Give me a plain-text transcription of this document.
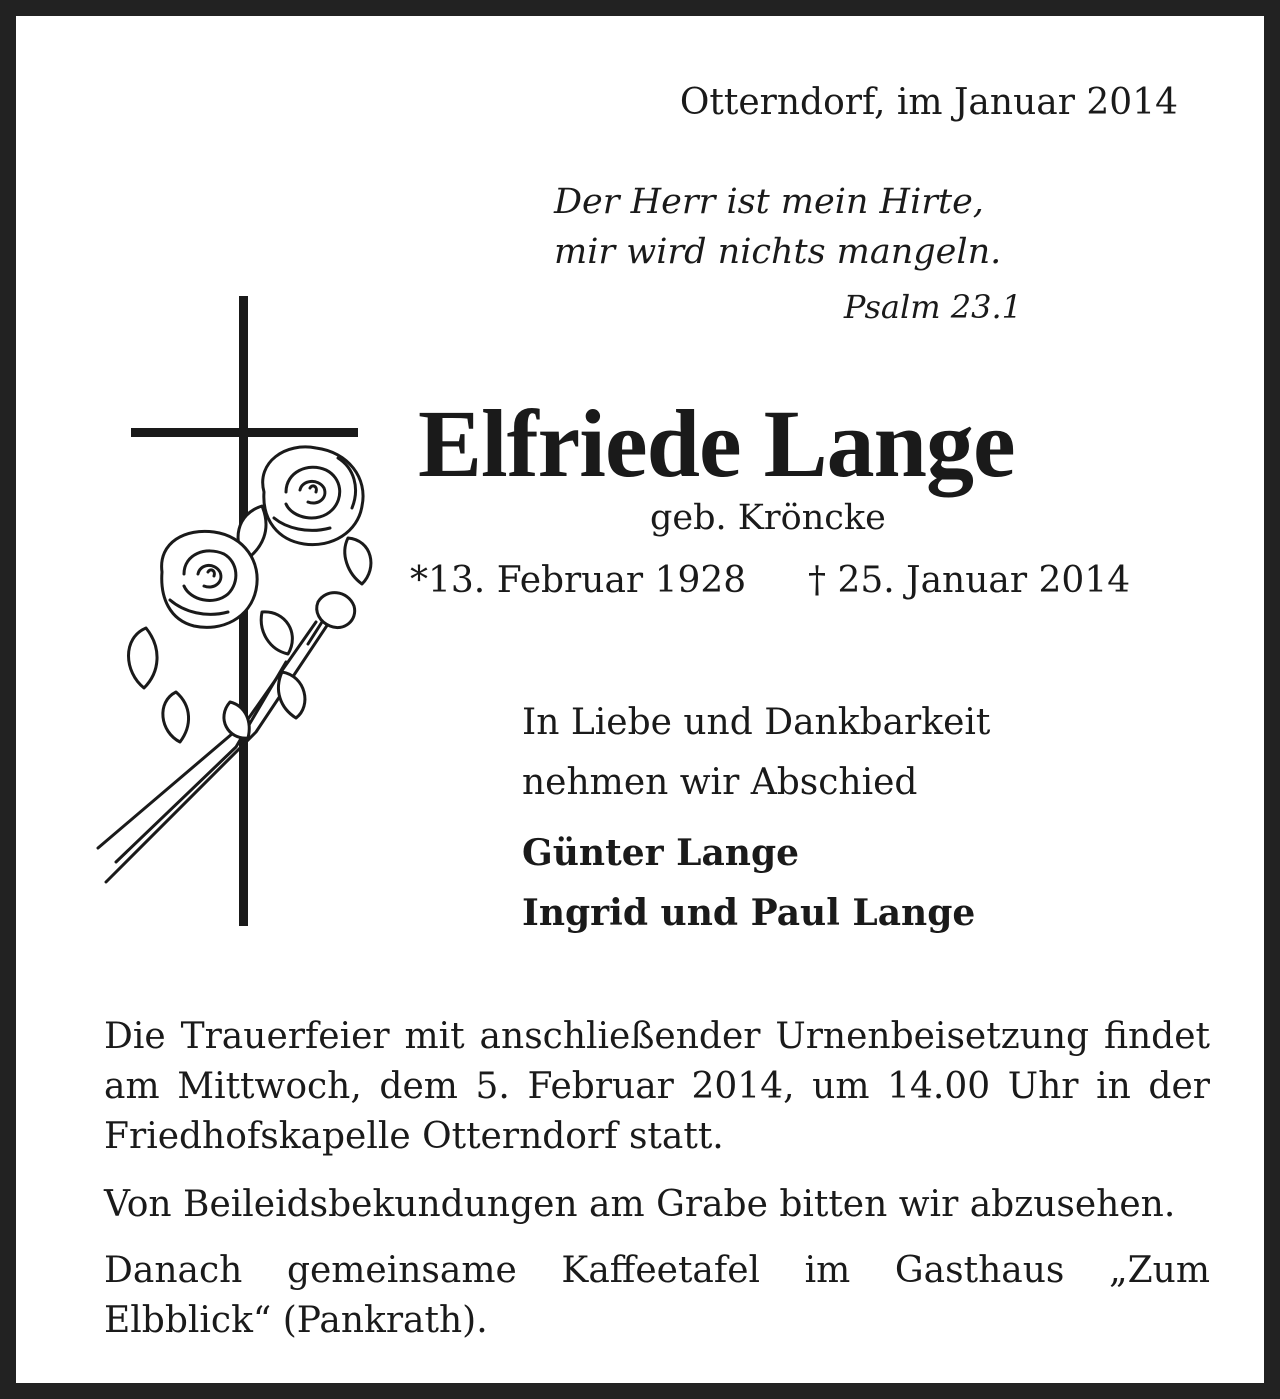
Otterndorf, im Januar 2014

Der Herr ist mein Hirte,

mir wird nichts mangeln.

Psalm 23.1

Elfriede Lange

geb. Kröncke

*13. Februar 1928 † 25. Januar 2014

In Liebe und Dankbarkeit

nehmen wir Abschied

Günter Lange

Ingrid und Paul Lange

Die Trauerfeier mit anschließender Urnenbeisetzung findet am Mittwoch, dem 5. Februar 2014, um 14.00 Uhr in der Friedhofskapelle Otterndorf statt.

Von Beileidsbekundungen am Grabe bitten wir abzusehen.

Danach gemeinsame Kaffeetafel im Gasthaus „Zum Elbblick“ (Pankrath).
